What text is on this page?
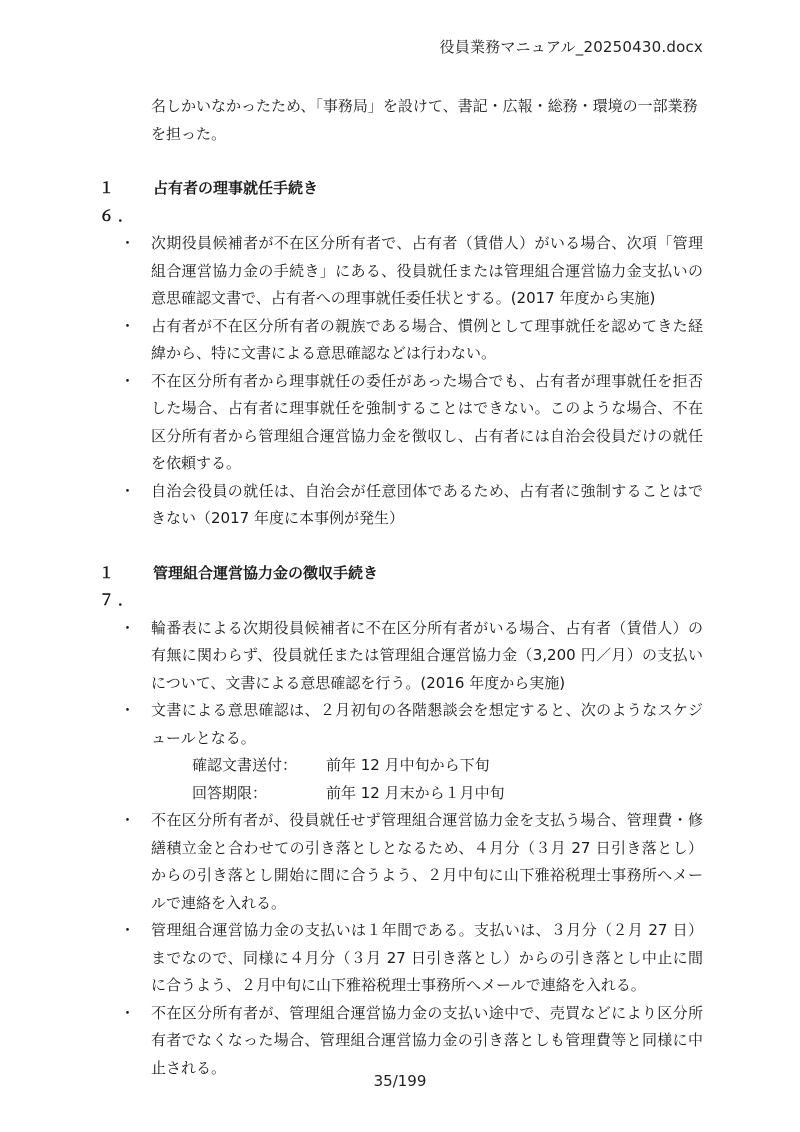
役員業務マニュアル_20250430.docx
名しかいなかったため、「事務局」を設けて、書記・広報・総務・環境の一部業務を担った。
１６．
占有者の理事就任手続き
・	次期役員候補者が不在区分所有者で、占有者（賃借人）がいる場合、次項「管理組合運営協力金の手続き」にある、役員就任または管理組合運営協力金支払いの意思確認文書で、占有者への理事就任委任状とする。(2017 年度から実施)
・	占有者が不在区分所有者の親族である場合、慣例として理事就任を認めてきた経緯から、特に文書による意思確認などは行わない。
・	不在区分所有者から理事就任の委任があった場合でも、占有者が理事就任を拒否した場合、占有者に理事就任を強制することはできない。このような場合、不在区分所有者から管理組合運営協力金を徴収し、占有者には自治会役員だけの就任を依頼する。
・	自治会役員の就任は、自治会が任意団体であるため、占有者に強制することはできない（2017 年度に本事例が発生）
１７．
管理組合運営協力金の徴収手続き
・	輪番表による次期役員候補者に不在区分所有者がいる場合、占有者（賃借人）の有無に関わらず、役員就任または管理組合運営協力金（3,200 円／月）の支払いについて、文書による意思確認を行う。(2016 年度から実施)
・	文書による意思確認は、２月初旬の各階懇談会を想定すると、次のようなスケジュールとなる。
確認文書送付：	前年 12 月中旬から下旬
回答期限：	前年 12 月末から１月中旬
・	不在区分所有者が、役員就任せず管理組合運営協力金を支払う場合、管理費・修繕積立金と合わせての引き落としとなるため、４月分（３月 27 日引き落とし）からの引き落とし開始に間に合うよう、２月中旬に山下雅裕税理士事務所へメールで連絡を入れる。
・	管理組合運営協力金の支払いは１年間である。支払いは、３月分（２月 27 日）までなので、同様に４月分（３月 27 日引き落とし）からの引き落とし中止に間に合うよう、２月中旬に山下雅裕税理士事務所へメールで連絡を入れる。
・	不在区分所有者が、管理組合運営協力金の支払い途中で、売買などにより区分所有者でなくなった場合、管理組合運営協力金の引き落としも管理費等と同様に中止される。
35/199
